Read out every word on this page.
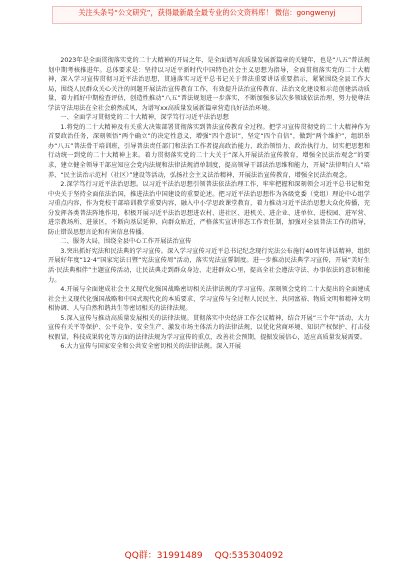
关注头条号“公文研究”，获得最新最全最专业的公文资料库！ 微信：gongwenyj

2023年是全面贯彻落实党的二十大精神的开局之年，是全面谱写高质量发展新篇章的关键年，也是“八五”普法规划中期考核推进年。总体要求是：坚持以习近平新时代中国特色社会主义思想为指导，全面贯彻落实党的二十大精神，深入学习宣传贯彻习近平法治思想，贯通落实习近平总书记关于普法重要讲话重要指示，紧紧围绕全县工作大局，围绕人民群众关心关注的问题开展法治宣传教育工作，有效提升法治宣传教育、法治文化建设和示范创建活动质量，着力抓好中期检查评估，创造性推动“八五”普法规划进一步落实，不断加强多层次多领域依法治理，努力使尊法学法守法用法在全社会蔚然成风，为谱写xx高质量发展新篇章营造良好法治环境。

一、全面学习贯彻党的二十大精神，深学笃行习近平法治思想

1.将党的二十大精神及有关重大决策部署贯彻落实到普法宣传教育全过程。把学习宣传贯彻党的二十大精神作为首要政治任务，深刻领悟“两个确立”的决定性意义，增强“四个意识”，坚定“四个自信”，做到“两个维护”，组织举办“八五”普法骨干培训班，引导普法责任部门和法治工作者提高政治能力、政治领悟力、政治执行力，切实把思想和行动统一到党的二十大精神上来。着力贯彻落实党的二十大关于“深入开展法治宣传教育，增强全民法治观念”的要求，建立健全领导干部应知应会党内法规和法律法规清单制度，提高领导干部法治思维和能力，开展“法律明白人”培养、“民主法治示范村（社区）”建设等活动，弘扬社会主义法治精神，开展法治宣传教育，增强全民法治观念。

2.深学笃行习近平法治思想。以习近平法治思想引领普法依法治理工作，牢牢把握和深刻领会习近平总书记和党中央关于坚持全面依法治国，推进法治中国建设的重要论述。把习近平法治思想作为各级党委（党组）理论中心组学习重点内容，作为党校干部培训教学重要内容，融入中小学思政课堂教育，着力推动习近平法治思想大众化传播，充分发挥各类普法阵地作用，积极开展习近平法治思想进农村、进社区、进机关、进企业、进单位、进校园、进军营、进宗教场所、进景区，不断向基层延伸、向群众贴近，严格落实宣讲形态工作责任制，加强对全县普法工作的指导，防止错误思想言论和有害信息传播。

二、服务大局，围绕全县中心工作开展法治宣传

3.突出抓好宪法和民法典的学习宣传。深入学习宣传习近平总书记纪念现行宪法公布施行40周年讲话精神，组织开展好年度“12·4”国家宪法日暨“宪法宣传周”活动，落实宪法宣誓制度。进一步推动民法典学习宣传，开展“美好生活·民法典相伴”主题宣传活动，让民法典走到群众身边、走进群众心里，提高全社会遵法守法、办事依法的意识和能力。

4.开展与全面建成社会主义现代化强国战略密切相关法律法规的学习宣传。深刻领会党的二十大提出的全面建成社会主义现代化强国战略和中国式现代化的本质要求，学习宣传与全过程人民民主、共同富裕、物质文明和精神文明相协调、人与自然和谐共生等密切相关的法律法规。

5.深入宣传与推动高质量发展相关的法律法规。贯彻落实中央经济工作会议精神，结合开展“三个年”活动，大力宣传有关平等保护、公平竞争、安全生产、激发市场主体活力的法律法规，以优化营商环境、知识产权保护、打击侵权假冒，科技成果转化等方面的法律法规为学习宣传的重点，改善社会预期，提振发展信心，适应高质量发展需要。

6.大力宣传与国家安全和公共安全密切相关的法律法规。深入开展

QQ群：31991489 QQ:535304092
